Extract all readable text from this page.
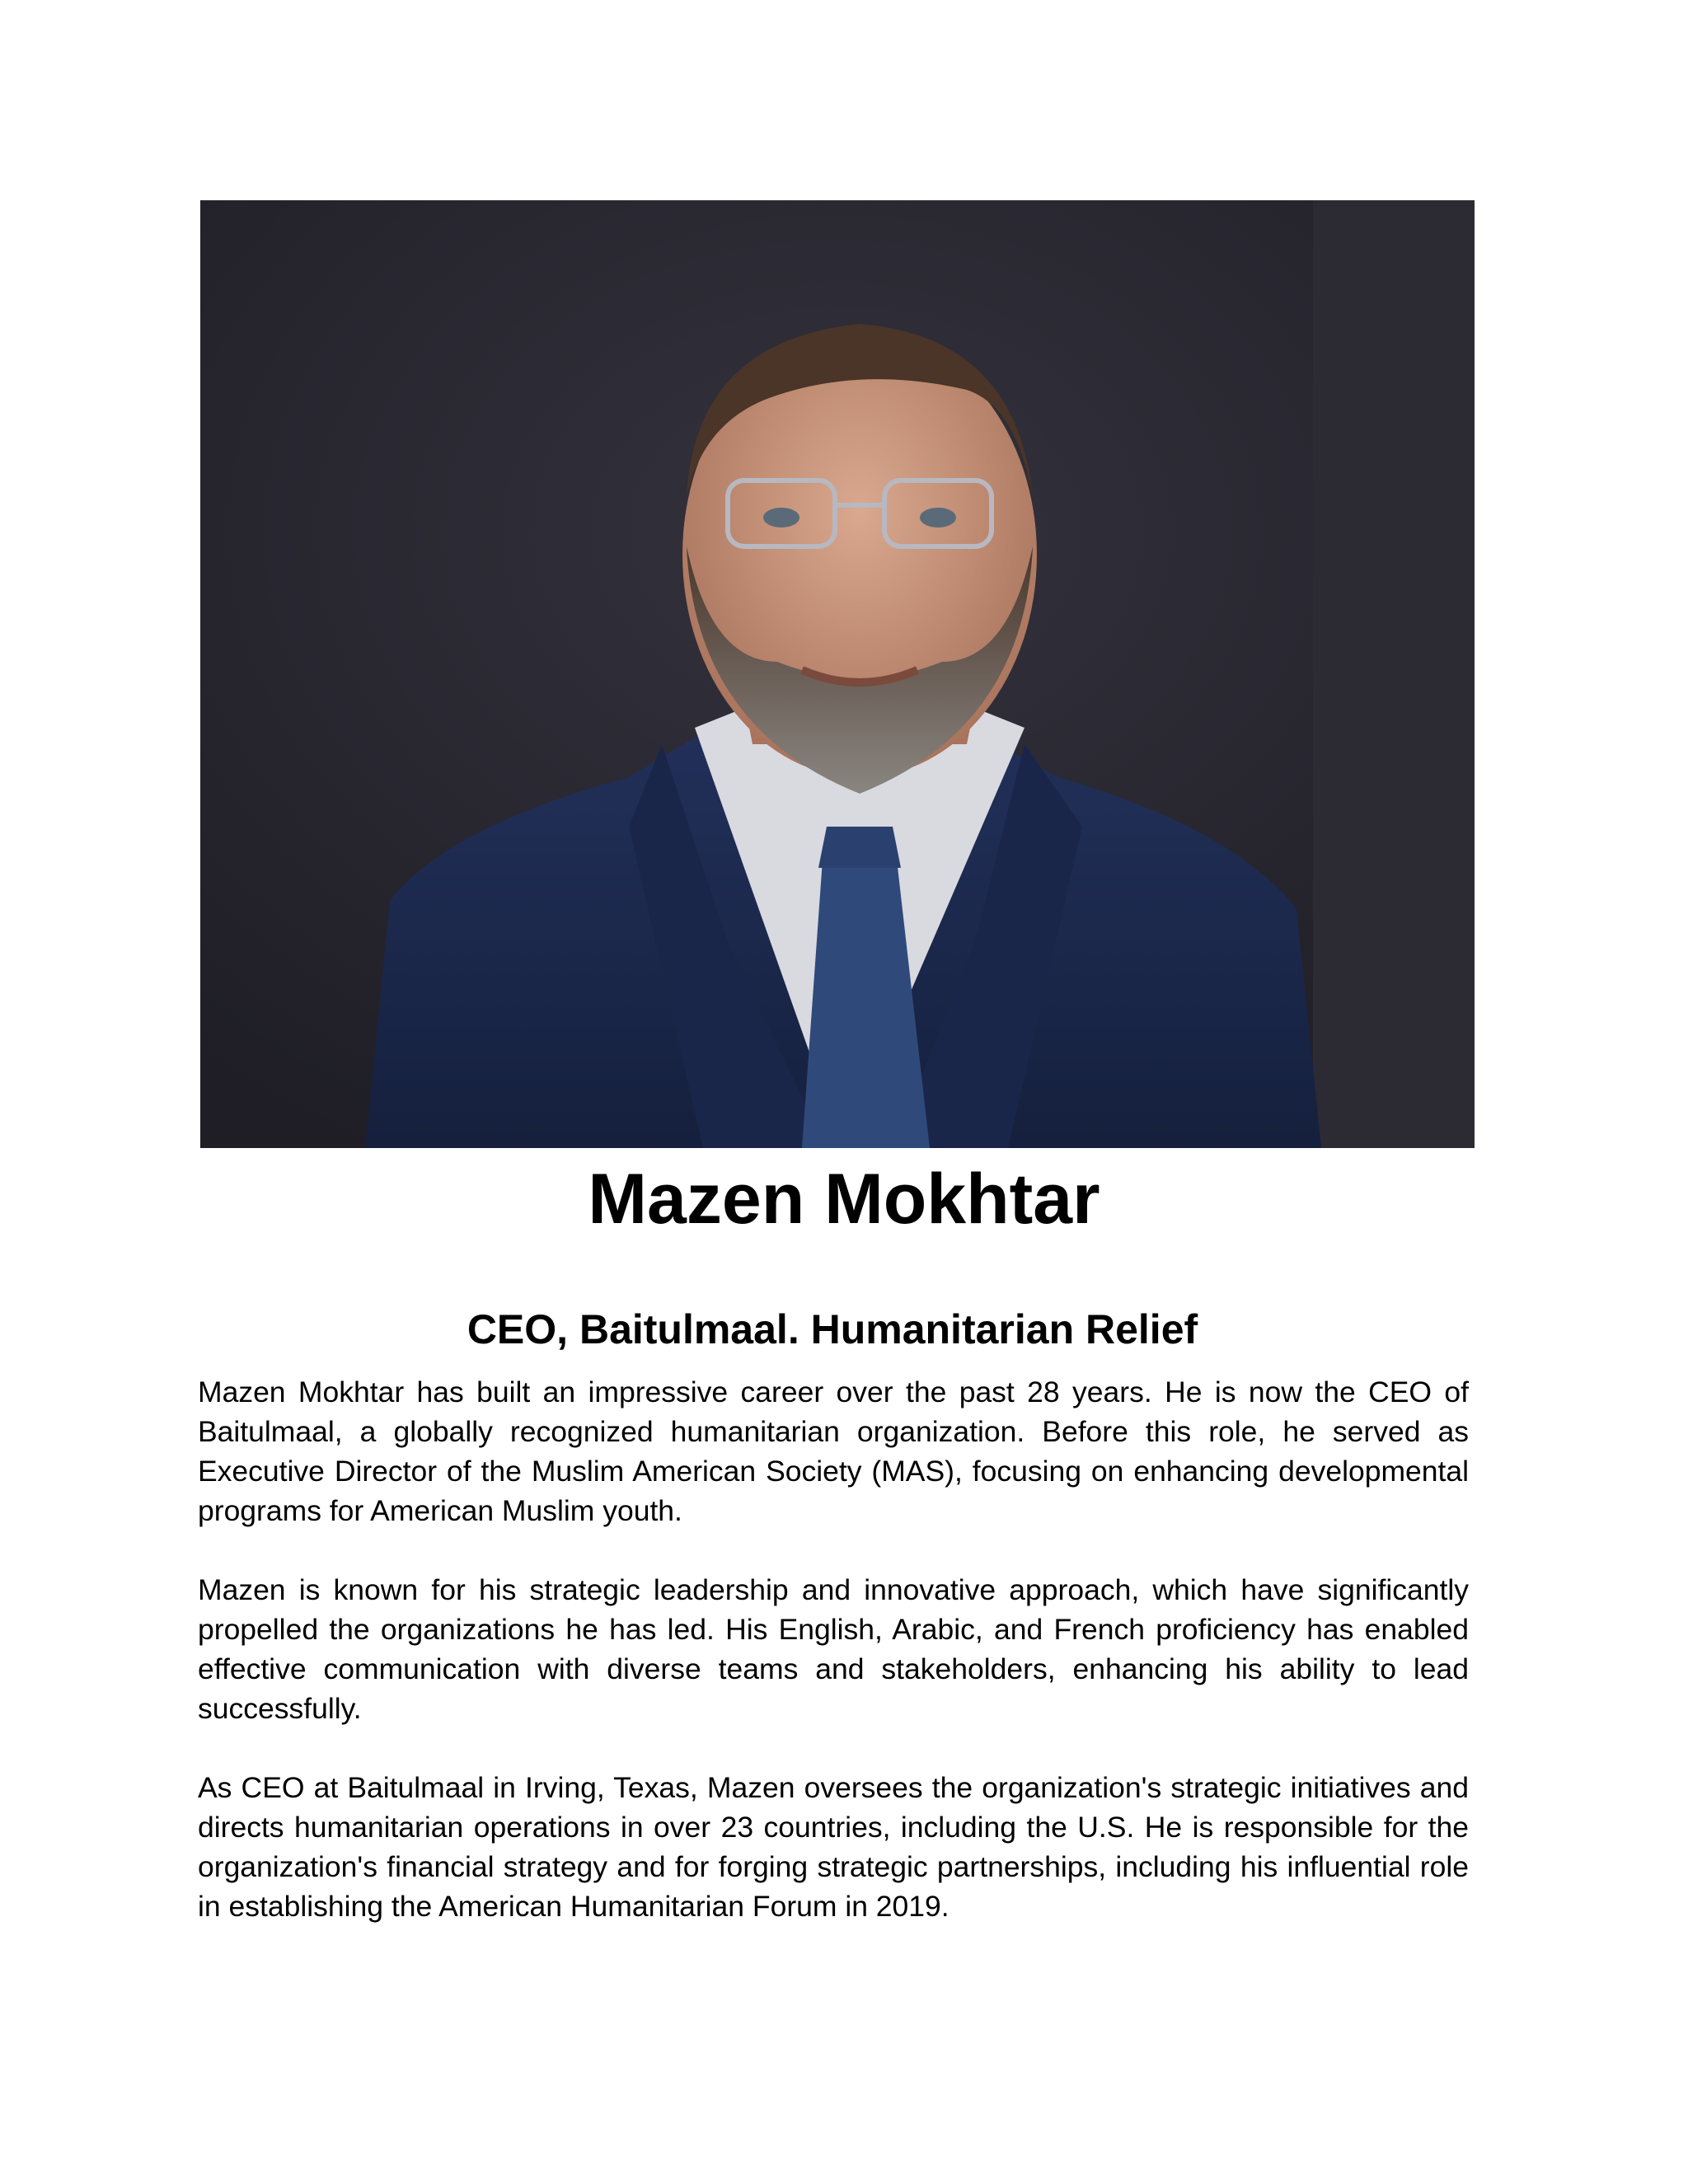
Mazen Mokhtar
CEO, Baitulmaal. Humanitarian Relief

Mazen Mokhtar has built an impressive career over the past 28 years. He is now the CEO of Baitulmaal, a globally recognized humanitarian organization. Before this role, he served as Executive Director of the Muslim American Society (MAS), focusing on enhancing developmental programs for American Muslim youth.

Mazen is known for his strategic leadership and innovative approach, which have significantly propelled the organizations he has led. His English, Arabic, and French proficiency has enabled effective communication with diverse teams and stakeholders, enhancing his ability to lead successfully.

As CEO at Baitulmaal in Irving, Texas, Mazen oversees the organization's strategic initiatives and directs humanitarian operations in over 23 countries, including the U.S. He is responsible for the organization's financial strategy and for forging strategic partnerships, including his influential role in establishing the American Humanitarian Forum in 2019.
